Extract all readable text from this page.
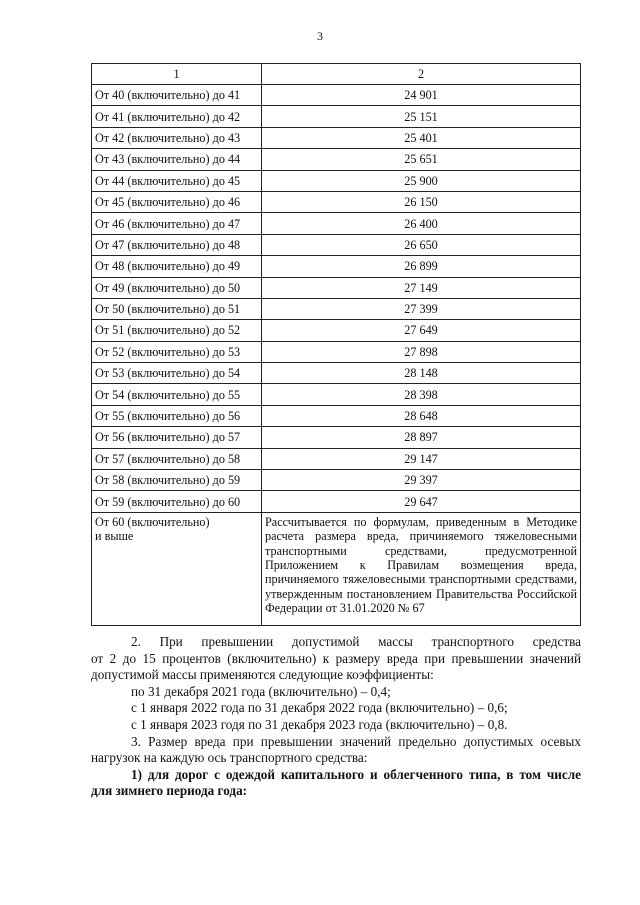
3
1	2
От 40 (включительно) до 41	24 901
От 41 (включительно) до 42	25 151
От 42 (включительно) до 43	25 401
От 43 (включительно) до 44	25 651
От 44 (включительно) до 45	25 900
От 45 (включительно) до 46	26 150
От 46 (включительно) до 47	26 400
От 47 (включительно) до 48	26 650
От 48 (включительно) до 49	26 899
От 49 (включительно) до 50	27 149
От 50 (включительно) до 51	27 399
От 51 (включительно) до 52	27 649
От 52 (включительно) до 53	27 898
От 53 (включительно) до 54	28 148
От 54 (включительно) до 55	28 398
От 55 (включительно) до 56	28 648
От 56 (включительно) до 57	28 897
От 57 (включительно) до 58	29 147
От 58 (включительно) до 59	29 397
От 59 (включительно) до 60	29 647
От 60 (включительно)
и выше	Рассчитывается по формулам, приведенным в Методике расчета размера вреда, причиняемого тяжеловесными транспортными средствами, предусмотренной Приложением к Правилам возмещения вреда, причиняемого тяжеловесными транспортными средствами, утвержденным постановлением Правительства Российской Федерации от 31.01.2020 № 67

2. При превышении допустимой массы транспортного средства

от 2 до 15 процентов (включительно) к размеру вреда при превышении значений допустимой массы применяются следующие коэффициенты:

по 31 декабря 2021 года (включительно) – 0,4;

с 1 января 2022 года по 31 декабря 2022 года (включительно) – 0,6;

с 1 января 2023 годя по 31 декабря 2023 года (включительно) – 0,8.

3. Размер вреда при превышении значений предельно допустимых осевых

нагрузок на каждую ось транспортного средства:

1) для дорог с одеждой капитального и облегченного типа, в том числе

для зимнего периода года:
